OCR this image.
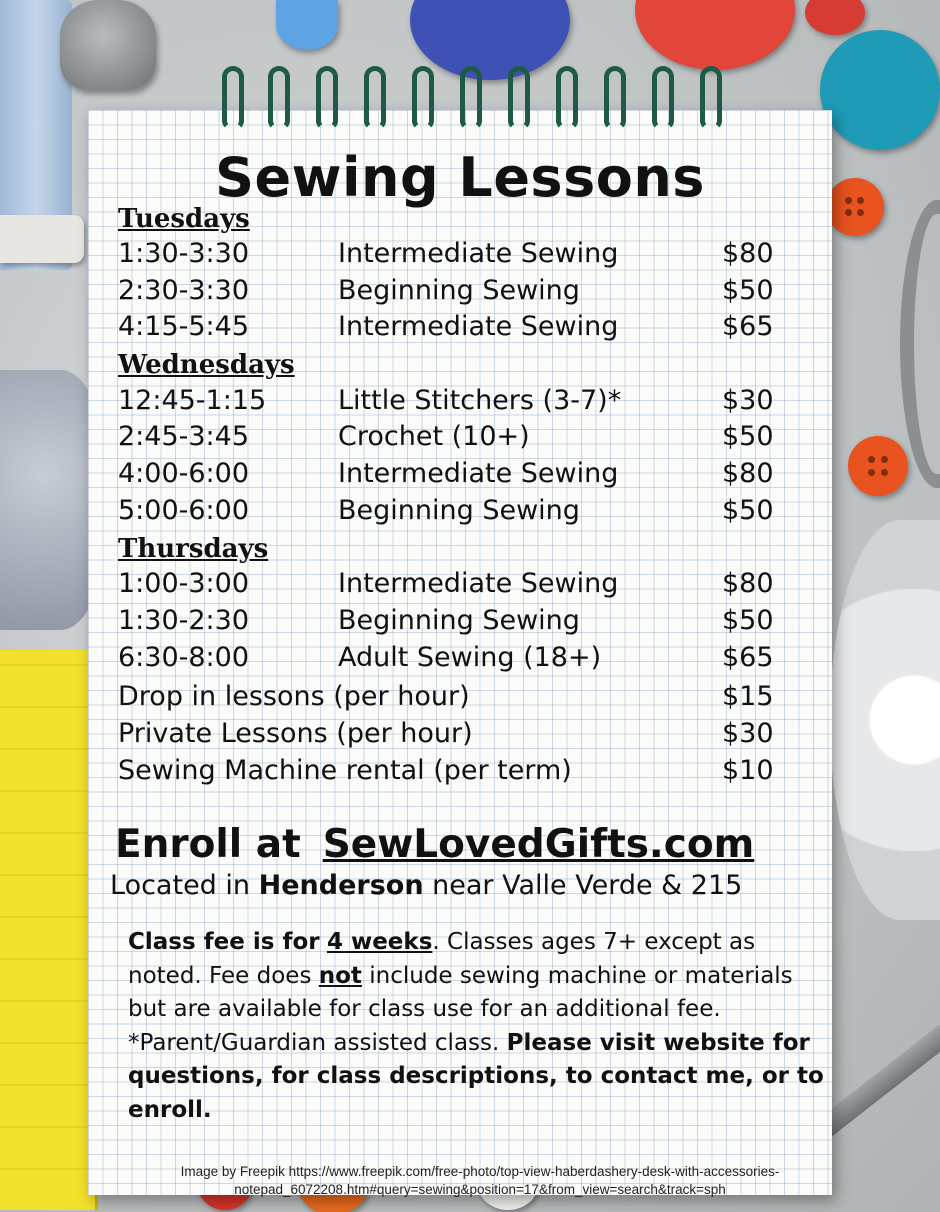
Sewing Lessons
Tuesdays
1:30-3:30	Intermediate Sewing	$80
2:30-3:30	Beginning Sewing	$50
4:15-5:45	Intermediate Sewing	$65
Wednesdays
12:45-1:15	Little Stitchers (3-7)*	$30
2:45-3:45	Crochet (10+)	$50
4:00-6:00	Intermediate Sewing	$80
5:00-6:00	Beginning Sewing	$50
Thursdays
1:00-3:00	Intermediate Sewing	$80
1:30-2:30	Beginning Sewing	$50
6:30-8:00	Adult Sewing (18+)	$65
Drop in lessons (per hour)	$15
Private Lessons (per hour)	$30
Sewing Machine rental (per term)	$10
Enroll at SewLovedGifts.com
Located in Henderson near Valle Verde & 215
Class fee is for 4 weeks. Classes ages 7+ except as noted. Fee does not include sewing machine or materials but are available for class use for an additional fee. *Parent/Guardian assisted class. Please visit website for questions, for class descriptions, to contact me, or to enroll.
Image by Freepik https://www.freepik.com/free-photo/top-view-haberdashery-desk-with-accessories-notepad_6072208.htm#query=sewing&position=17&from_view=search&track=sph
